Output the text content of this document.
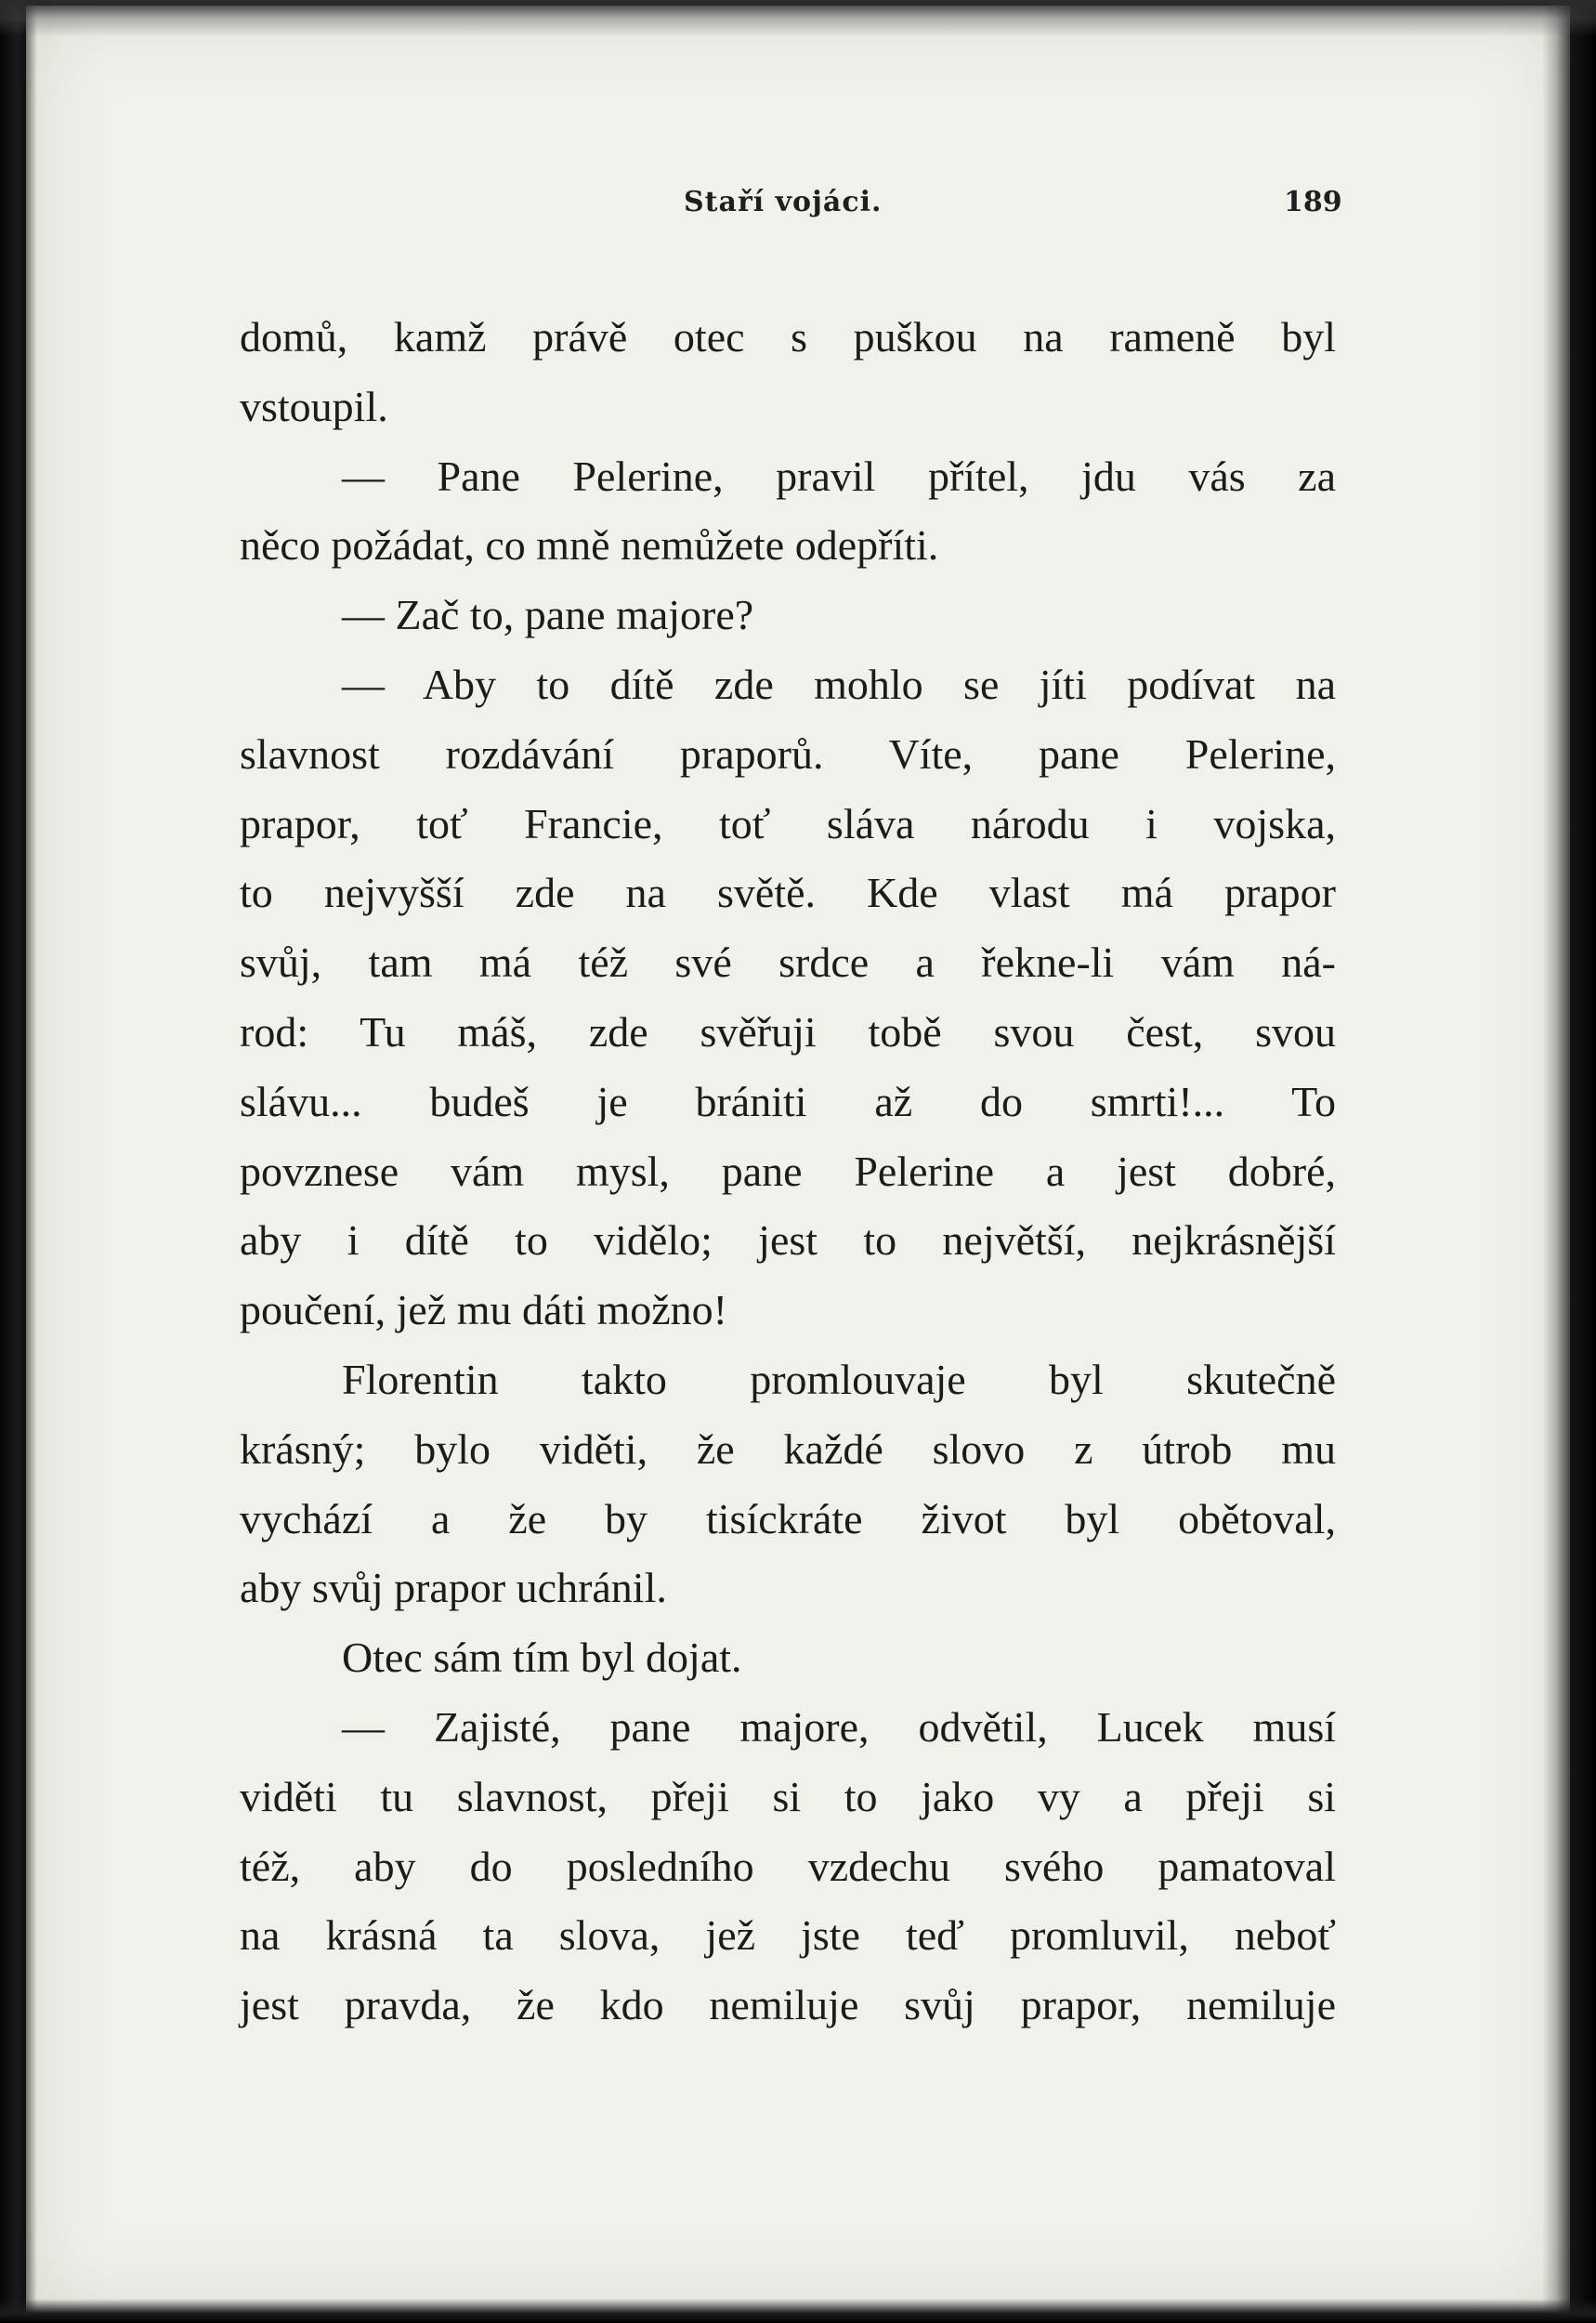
Staří vojáci.	189

domů, kamž právě otec s puškou na rameně byl
vstoupil.
— Pane Pelerine, pravil přítel, jdu vás za
něco požádat, co mně nemůžete odepříti.
— Zač to, pane majore?
— Aby to dítě zde mohlo se jíti podívat na
slavnost rozdávání praporů. Víte, pane Pelerine,
prapor, toť Francie, toť sláva národu i vojska,
to nejvyšší zde na světě. Kde vlast má prapor
svůj, tam má též své srdce a řekne-li vám ná-
rod: Tu máš, zde svěřuji tobě svou čest, svou
slávu... budeš je brániti až do smrti!... To
povznese vám mysl, pane Pelerine a jest dobré,
aby i dítě to vidělo; jest to největší, nejkrásnější
poučení, jež mu dáti možno!
Florentin takto promlouvaje byl skutečně
krásný; bylo viděti, že každé slovo z útrob mu
vychází a že by tisíckráte život byl obětoval,
aby svůj prapor uchránil.
Otec sám tím byl dojat.
— Zajisté, pane majore, odvětil, Lucek musí
viděti tu slavnost, přeji si to jako vy a přeji si
též, aby do posledního vzdechu svého pamatoval
na krásná ta slova, jež jste teď promluvil, neboť
jest pravda, že kdo nemiluje svůj prapor, nemiluje
